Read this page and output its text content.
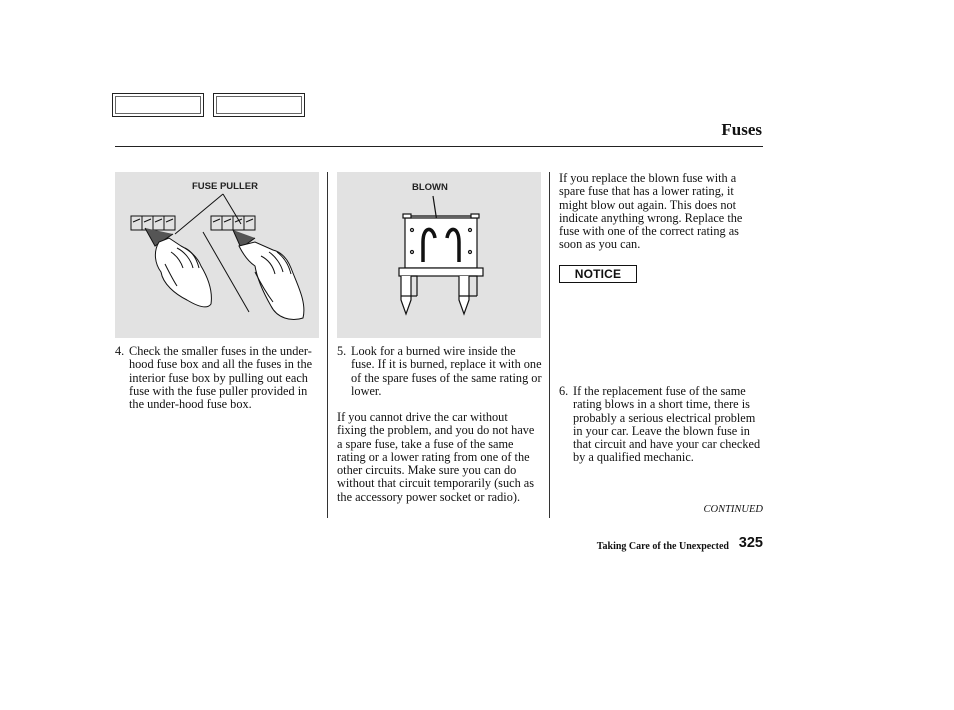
Fuses
FUSE PULLER	BLOWN
4. Check the smaller fuses in the under-hood fuse box and all the fuses in the interior fuse box by pulling out each fuse with the fuse puller provided in the under-hood fuse box.
5. Look for a burned wire inside the fuse. If it is burned, replace it with one of the spare fuses of the same rating or lower.
If you cannot drive the car without fixing the problem, and you do not have a spare fuse, take a fuse of the same rating or a lower rating from one of the other circuits. Make sure you can do without that circuit temporarily (such as the accessory power socket or radio).
If you replace the blown fuse with a spare fuse that has a lower rating, it might blow out again. This does not indicate anything wrong. Replace the fuse with one of the correct rating as soon as you can.
NOTICE
6. If the replacement fuse of the same rating blows in a short time, there is probably a serious electrical problem in your car. Leave the blown fuse in that circuit and have your car checked by a qualified mechanic.
CONTINUED
Taking Care of the Unexpected 325
